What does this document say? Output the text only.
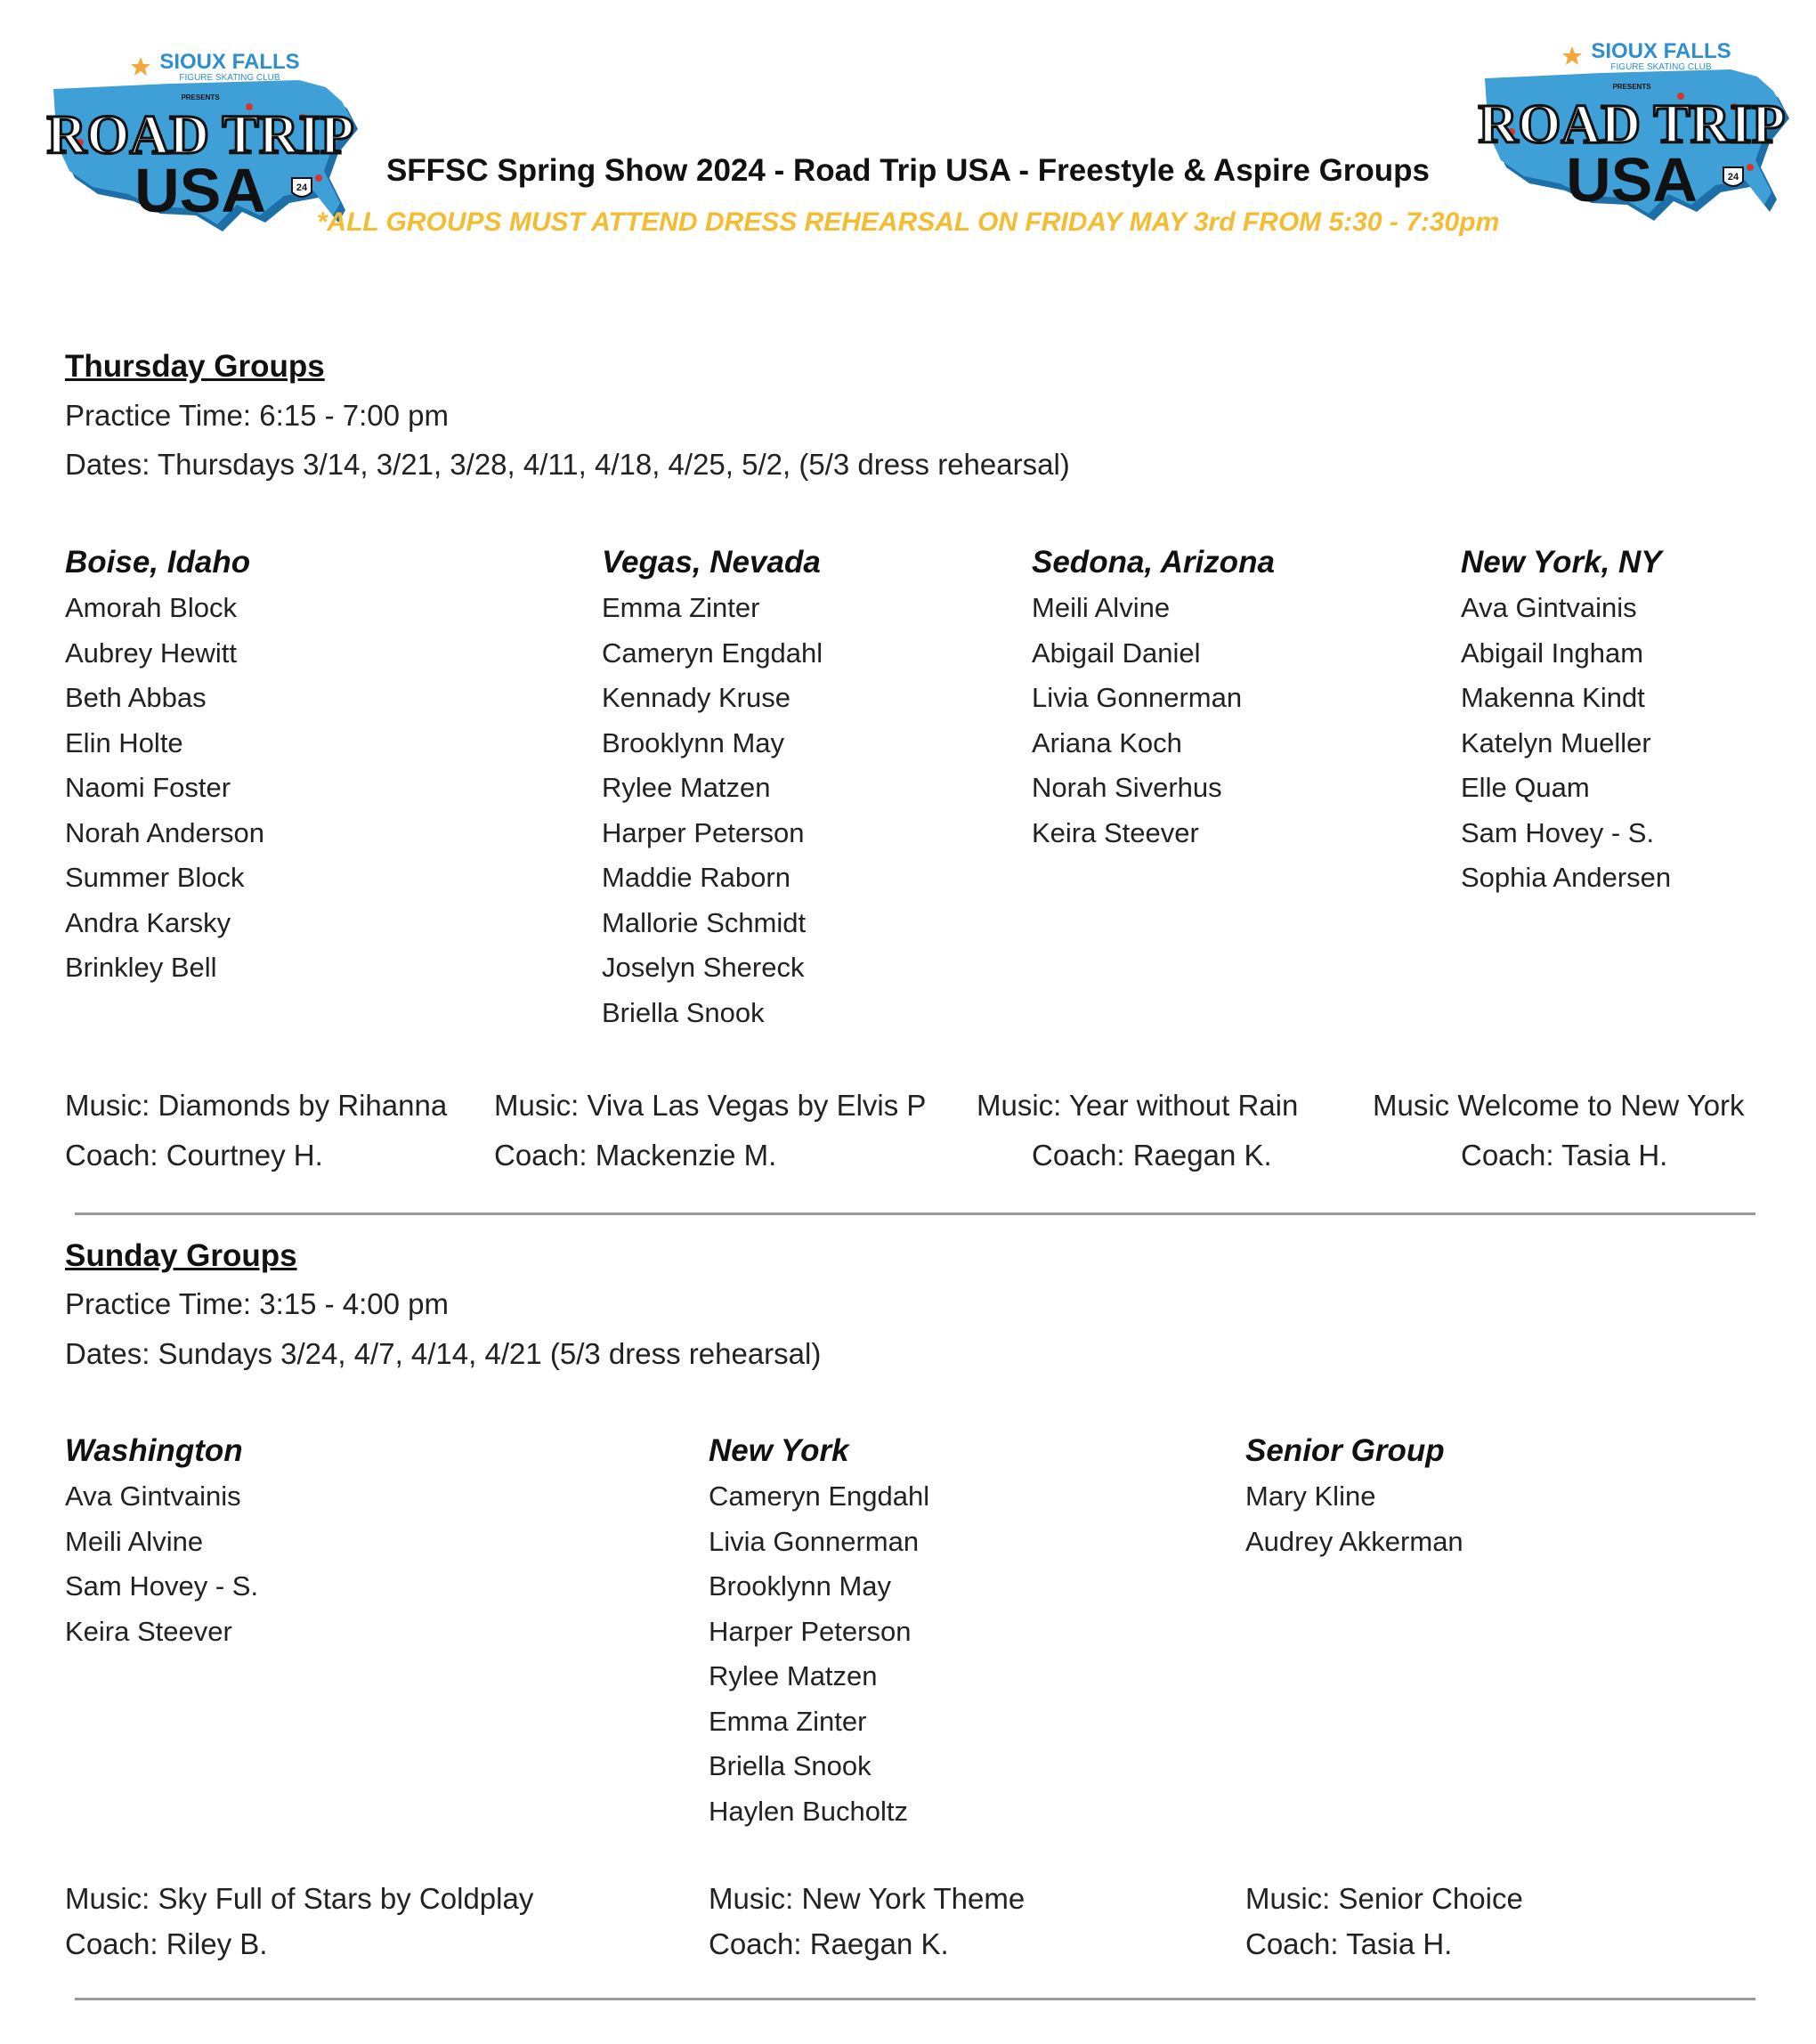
SIOUX FALLS
FIGURE SKATING CLUB
PRESENTS
ROAD TRIP
USA	24
SIOUX FALLS
FIGURE SKATING CLUB
PRESENTS
ROAD TRIP
USA	24
SFFSC Spring Show 2024 - Road Trip USA - Freestyle & Aspire Groups
*ALL GROUPS MUST ATTEND DRESS REHEARSAL ON FRIDAY MAY 3rd FROM 5:30 - 7:30pm
Thursday Groups
Practice Time: 6:15 - 7:00 pm
Dates: Thursdays 3/14, 3/21, 3/28, 4/11, 4/18, 4/25, 5/2, (5/3 dress rehearsal)
Boise, Idaho
Amorah Block
Aubrey Hewitt
Beth Abbas
Elin Holte
Naomi Foster
Norah Anderson
Summer Block
Andra Karsky
Brinkley Bell
Vegas, Nevada
Emma Zinter
Cameryn Engdahl
Kennady Kruse
Brooklynn May
Rylee Matzen
Harper Peterson
Maddie Raborn
Mallorie Schmidt
Joselyn Shereck
Briella Snook
Sedona, Arizona
Meili Alvine
Abigail Daniel
Livia Gonnerman
Ariana Koch
Norah Siverhus
Keira Steever
New York, NY
Ava Gintvainis
Abigail Ingham
Makenna Kindt
Katelyn Mueller
Elle Quam
Sam Hovey - S.
Sophia Andersen
Music: Diamonds by Rihanna
Coach: Courtney H.
Music: Viva Las Vegas by Elvis P
Coach: Mackenzie M.
Music: Year without Rain
Coach: Raegan K.
Music Welcome to New York
Coach: Tasia H.
Sunday Groups
Practice Time: 3:15 - 4:00 pm
Dates: Sundays 3/24, 4/7, 4/14, 4/21 (5/3 dress rehearsal)
Washington
Ava Gintvainis
Meili Alvine
Sam Hovey - S.
Keira Steever
New York
Cameryn Engdahl
Livia Gonnerman
Brooklynn May
Harper Peterson
Rylee Matzen
Emma Zinter
Briella Snook
Haylen Bucholtz
Senior Group
Mary Kline
Audrey Akkerman
Music: Sky Full of Stars by Coldplay
Coach: Riley B.
Music: New York Theme
Coach: Raegan K.
Music: Senior Choice
Coach: Tasia H.
